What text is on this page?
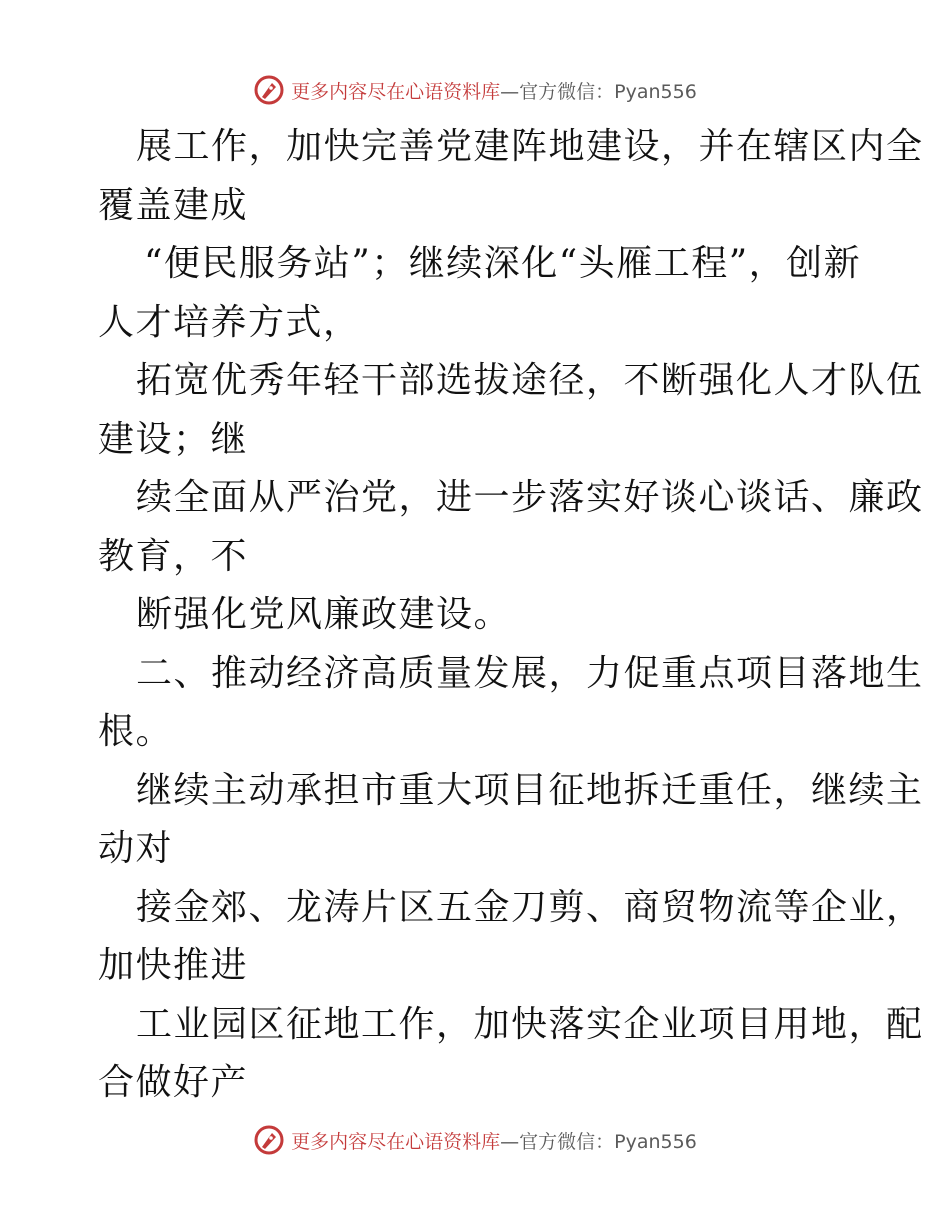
更多内容尽在心语资料库—官方微信：Pyan556
展工作，加快完善党建阵地建设，并在辖区内全
覆盖建成
“便民服务站”；继续深化“头雁工程”，创新
人才培养方式，
拓宽优秀年轻干部选拔途径，不断强化人才队伍
建设；继
续全面从严治党，进一步落实好谈心谈话、廉政
教育，不
断强化党风廉政建设。
二、推动经济高质量发展，力促重点项目落地生
根。
继续主动承担市重大项目征地拆迁重任，继续主
动对
接金郊、龙涛片区五金刀剪、商贸物流等企业，
加快推进
工业园区征地工作，加快落实企业项目用地，配
合做好产
更多内容尽在心语资料库—官方微信：Pyan556
